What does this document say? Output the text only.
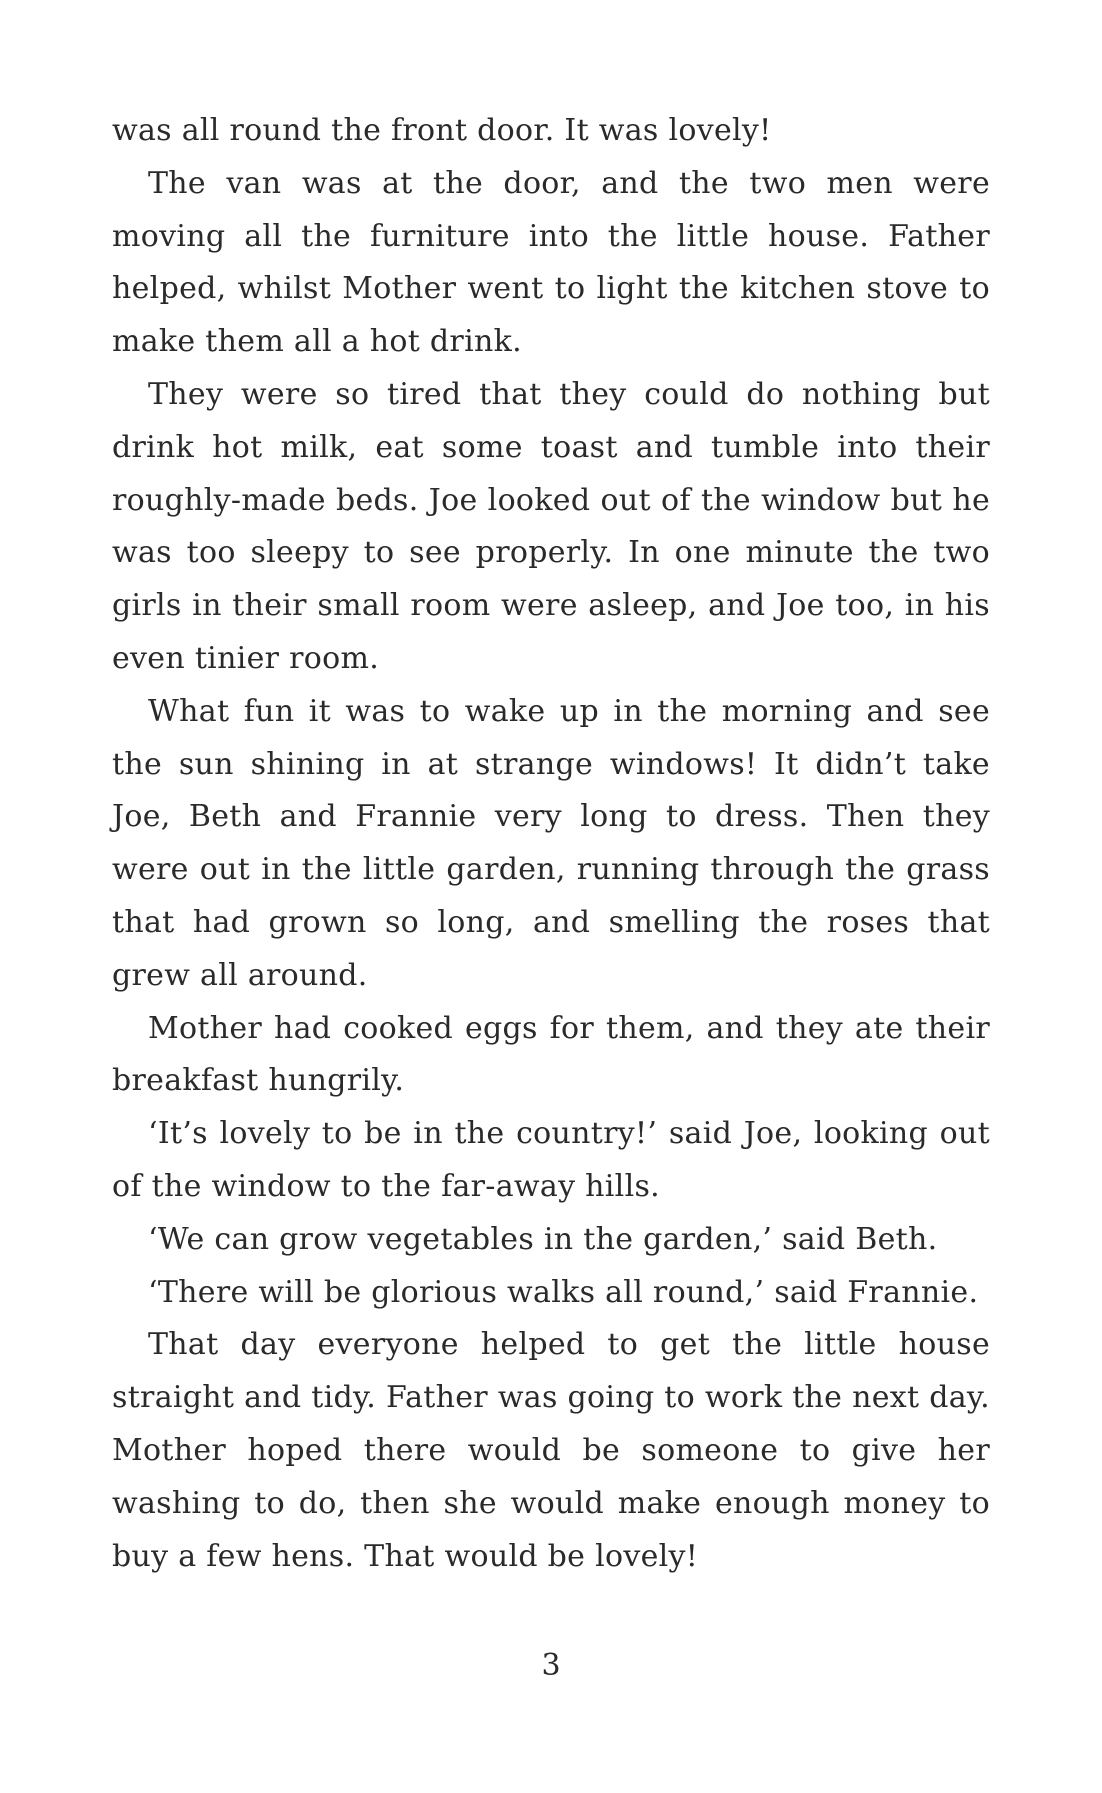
was all round the front door. It was lovely!

The van was at the door, and the two men were moving all the furniture into the little house. Father helped, whilst Mother went to light the kitchen stove to make them all a hot drink.

They were so tired that they could do nothing but drink hot milk, eat some toast and tumble into their roughly-made beds. Joe looked out of the window but he was too sleepy to see properly. In one minute the two girls in their small room were asleep, and Joe too, in his even tinier room.

What fun it was to wake up in the morning and see the sun shining in at strange windows! It didn’t take Joe, Beth and Frannie very long to dress. Then they were out in the little garden, running through the grass that had grown so long, and smelling the roses that grew all around.

Mother had cooked eggs for them, and they ate their breakfast hungrily.

‘It’s lovely to be in the country!’ said Joe, looking out of the window to the far-away hills.

‘We can grow vegetables in the garden,’ said Beth.

‘There will be glorious walks all round,’ said Frannie.

That day everyone helped to get the little house straight and tidy. Father was going to work the next day. Mother hoped there would be someone to give her washing to do, then she would make enough money to buy a few hens. That would be lovely!

3
